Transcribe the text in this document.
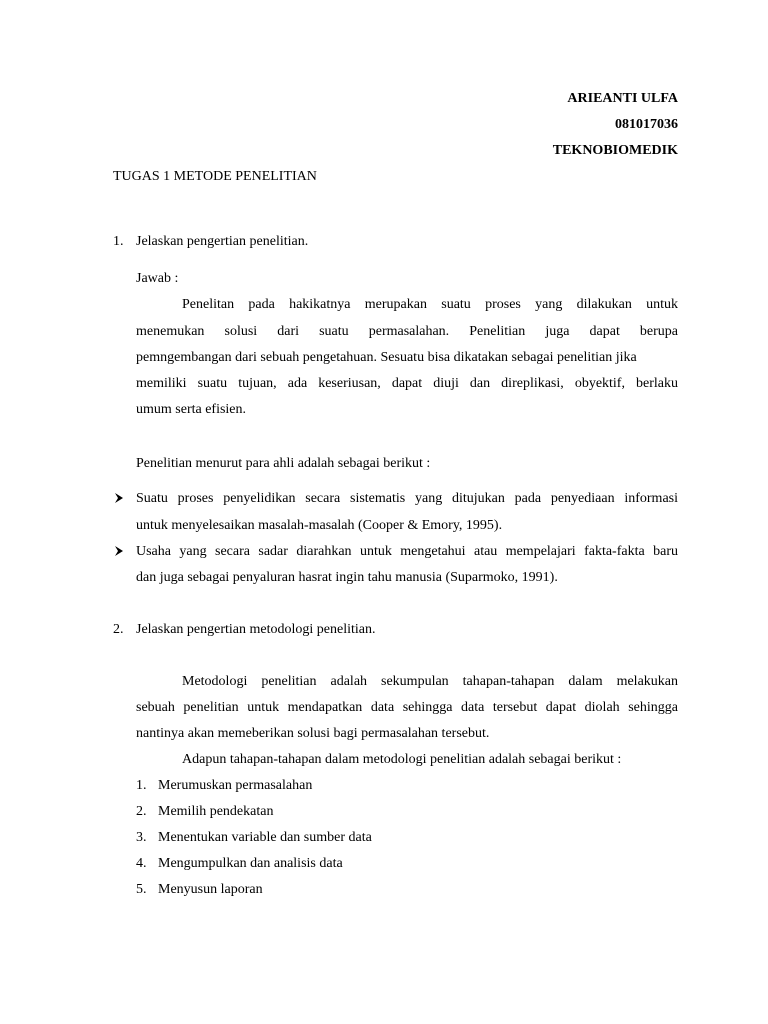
ARIEANTI ULFA
081017036
TEKNOBIOMEDIK
TUGAS 1 METODE PENELITIAN
1. Jelaskan pengertian penelitian.
Jawab :
Penelitan pada hakikatnya merupakan suatu proses yang dilakukan untuk
menemukan solusi dari suatu permasalahan. Penelitian juga dapat berupa
pemngembangan dari sebuah pengetahuan. Sesuatu bisa dikatakan sebagai penelitian jika
memiliki suatu tujuan, ada keseriusan, dapat diuji dan direplikasi, obyektif, berlaku
umum serta efisien.
Penelitian menurut para ahli adalah sebagai berikut :
Suatu proses penyelidikan secara sistematis yang ditujukan pada penyediaan informasi
untuk menyelesaikan masalah-masalah (Cooper & Emory, 1995).
Usaha yang secara sadar diarahkan untuk mengetahui atau mempelajari fakta-fakta baru
dan juga sebagai penyaluran hasrat ingin tahu manusia (Suparmoko, 1991).
2. Jelaskan pengertian metodologi penelitian.
Metodologi penelitian adalah sekumpulan tahapan-tahapan dalam melakukan
sebuah penelitian untuk mendapatkan data sehingga data tersebut dapat diolah sehingga
nantinya akan memeberikan solusi bagi permasalahan tersebut.
Adapun tahapan-tahapan dalam metodologi penelitian adalah sebagai berikut :
1. Merumuskan permasalahan
2. Memilih pendekatan
3. Menentukan variable dan sumber data
4. Mengumpulkan dan analisis data
5. Menyusun laporan
